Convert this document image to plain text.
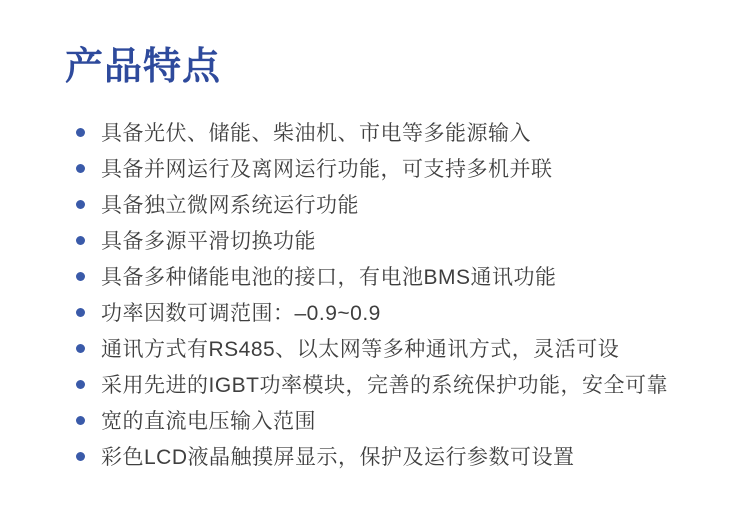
产品特点
具备光伏、储能、柴油机、市电等多能源输入
具备并网运行及离网运行功能，可支持多机并联
具备独立微网系统运行功能
具备多源平滑切换功能
具备多种储能电池的接口，有电池BMS通讯功能
功率因数可调范围：–0.9~0.9
通讯方式有RS485、以太网等多种通讯方式，灵活可设
采用先进的IGBT功率模块，完善的系统保护功能，安全可靠
宽的直流电压输入范围
彩色LCD液晶触摸屏显示，保护及运行参数可设置
